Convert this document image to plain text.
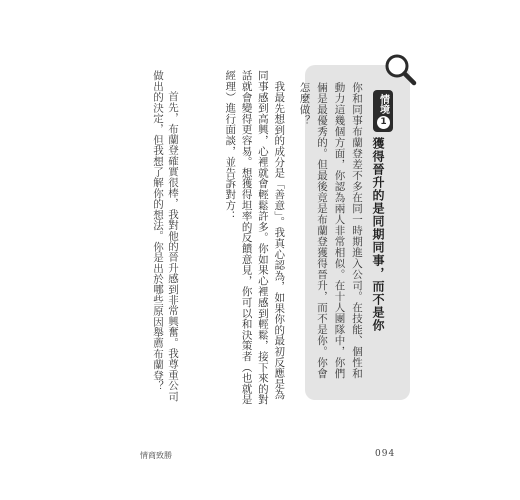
情境
1
獲得晉升的是同期同事，而不是你
你和同事布蘭登差不多在同一時期進入公司。在技能、個性和動力這幾個方面，你認為兩人非常相似。在十人團隊中，你們倆是最優秀的。但最後竟是布蘭登獲得晉升，而不是你。你會怎麼做？

我最先想到的成分是「善意」。我真心認為，如果你的最初反應是為同事感到高興，心裡就會輕鬆許多。你如果心裡感到輕鬆，接下來的對話就會變得更容易。想獲得坦率的反饋意見，你可以和決策者（也就是經理）進行面談，並告訴對方：

首先，布蘭登確實很棒，我對他的晉升感到非常興奮。我尊重公司做出的決定，但我想了解你的想法。你是出於哪些原因舉薦布蘭登？

情商致勝	094
